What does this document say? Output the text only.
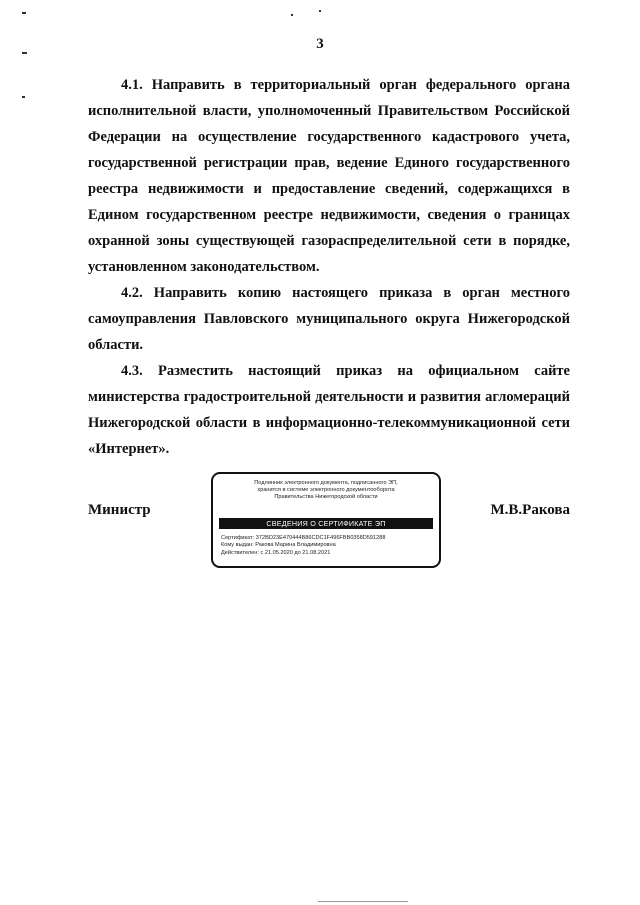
3

4.1. Направить в территориальный орган федерального органа исполнительной власти, уполномоченный Правительством Российской Федерации на осуществление государственного кадастрового учета, государственной регистрации прав, ведение Единого государственного реестра недвижимости и предоставление сведений, содержащихся в Едином государственном реестре недвижимости, сведения о границах охранной зоны существующей газораспределительной сети в порядке, установленном законодательством.

4.2. Направить копию настоящего приказа в орган местного самоуправления Павловского муниципального округа Нижегородской области.

4.3. Разместить настоящий приказ на официальном сайте министерства градостроительной деятельности и развития агломераций Нижегородской области в информационно-телекоммуникационной сети «Интернет».

Министр
Подлинник электронного документа, подписанного ЭП,
хранится в системе электронного документооборота
Правительства Нижегородской области
СВЕДЕНИЯ О СЕРТИФИКАТЕ ЭП
Сертификат: 372BD23E470444B86CDC1F496FBB0358D591288
Кому выдан: Ракова Марина Владимировна
Действителен: с 21.05.2020 до 21.08.2021
М.В.Ракова
